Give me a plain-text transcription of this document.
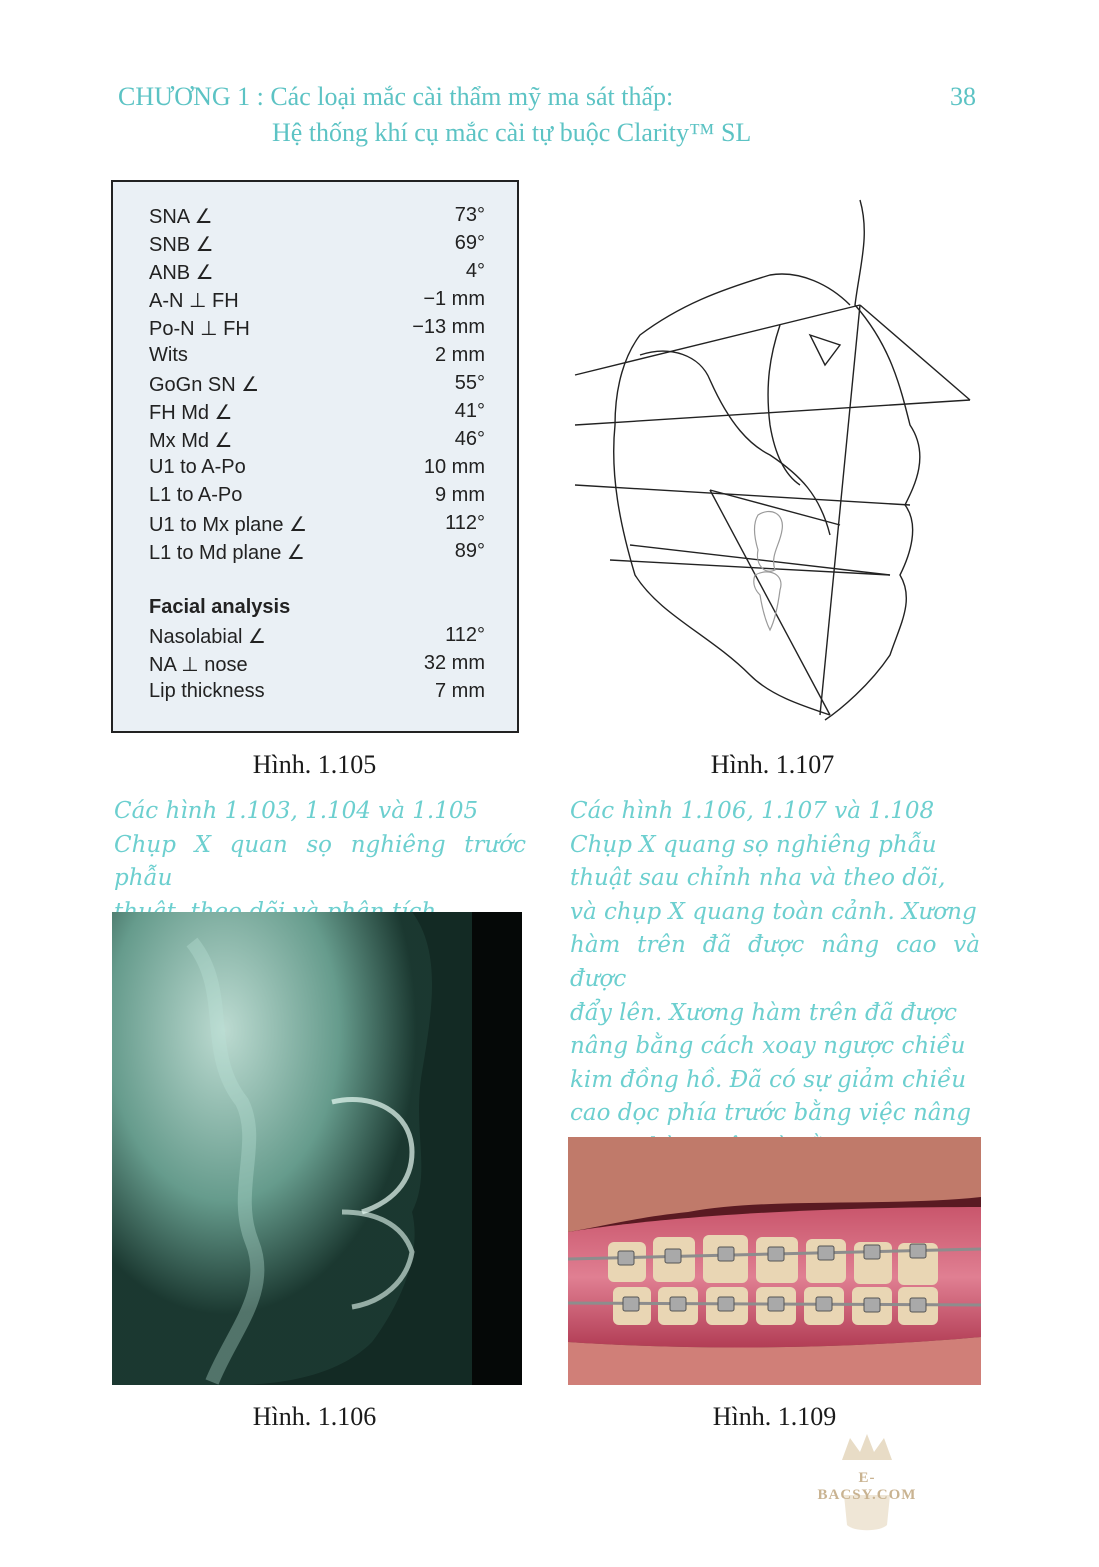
CHƯƠNG 1 : Các loại mắc cài thẩm mỹ ma sát thấp:
Hệ thống khí cụ mắc cài tự buộc Clarity™ SL
38
SNA ∠	73°
SNB ∠	69°
ANB ∠	4°
A-N ⊥ FH	−1 mm
Po-N ⊥ FH	−13 mm
Wits	2 mm
GoGn SN ∠	55°
FH Md ∠	41°
Mx Md ∠	46°
U1 to A-Po	10 mm
L1 to A-Po	9 mm
U1 to Mx plane ∠	112°
L1 to Md plane ∠	89°
Facial analysis
Nasolabial ∠	112°
NA ⊥ nose	32 mm
Lip thickness	7 mm
Hình. 1.105	Hình. 1.107
Các hình 1.103, 1.104 và 1.105
Chụp X quan sọ nghiêng trước phẫu
Các hình 1.106, 1.107 và 1.108
Chụp X quang sọ nghiêng phẫu
thuật sau chỉnh nha và theo dõi,
và chụp X quang toàn cảnh. Xương
hàm trên đã được nâng cao và được
đẩy lên. Xương hàm trên đã được
nâng bằng cách xoay ngược chiều
kim đồng hồ. Đã có sự giảm chiều
cao dọc phía trước bằng việc nâng
Hình. 1.106	Hình. 1.109
E-BACSY.COM
